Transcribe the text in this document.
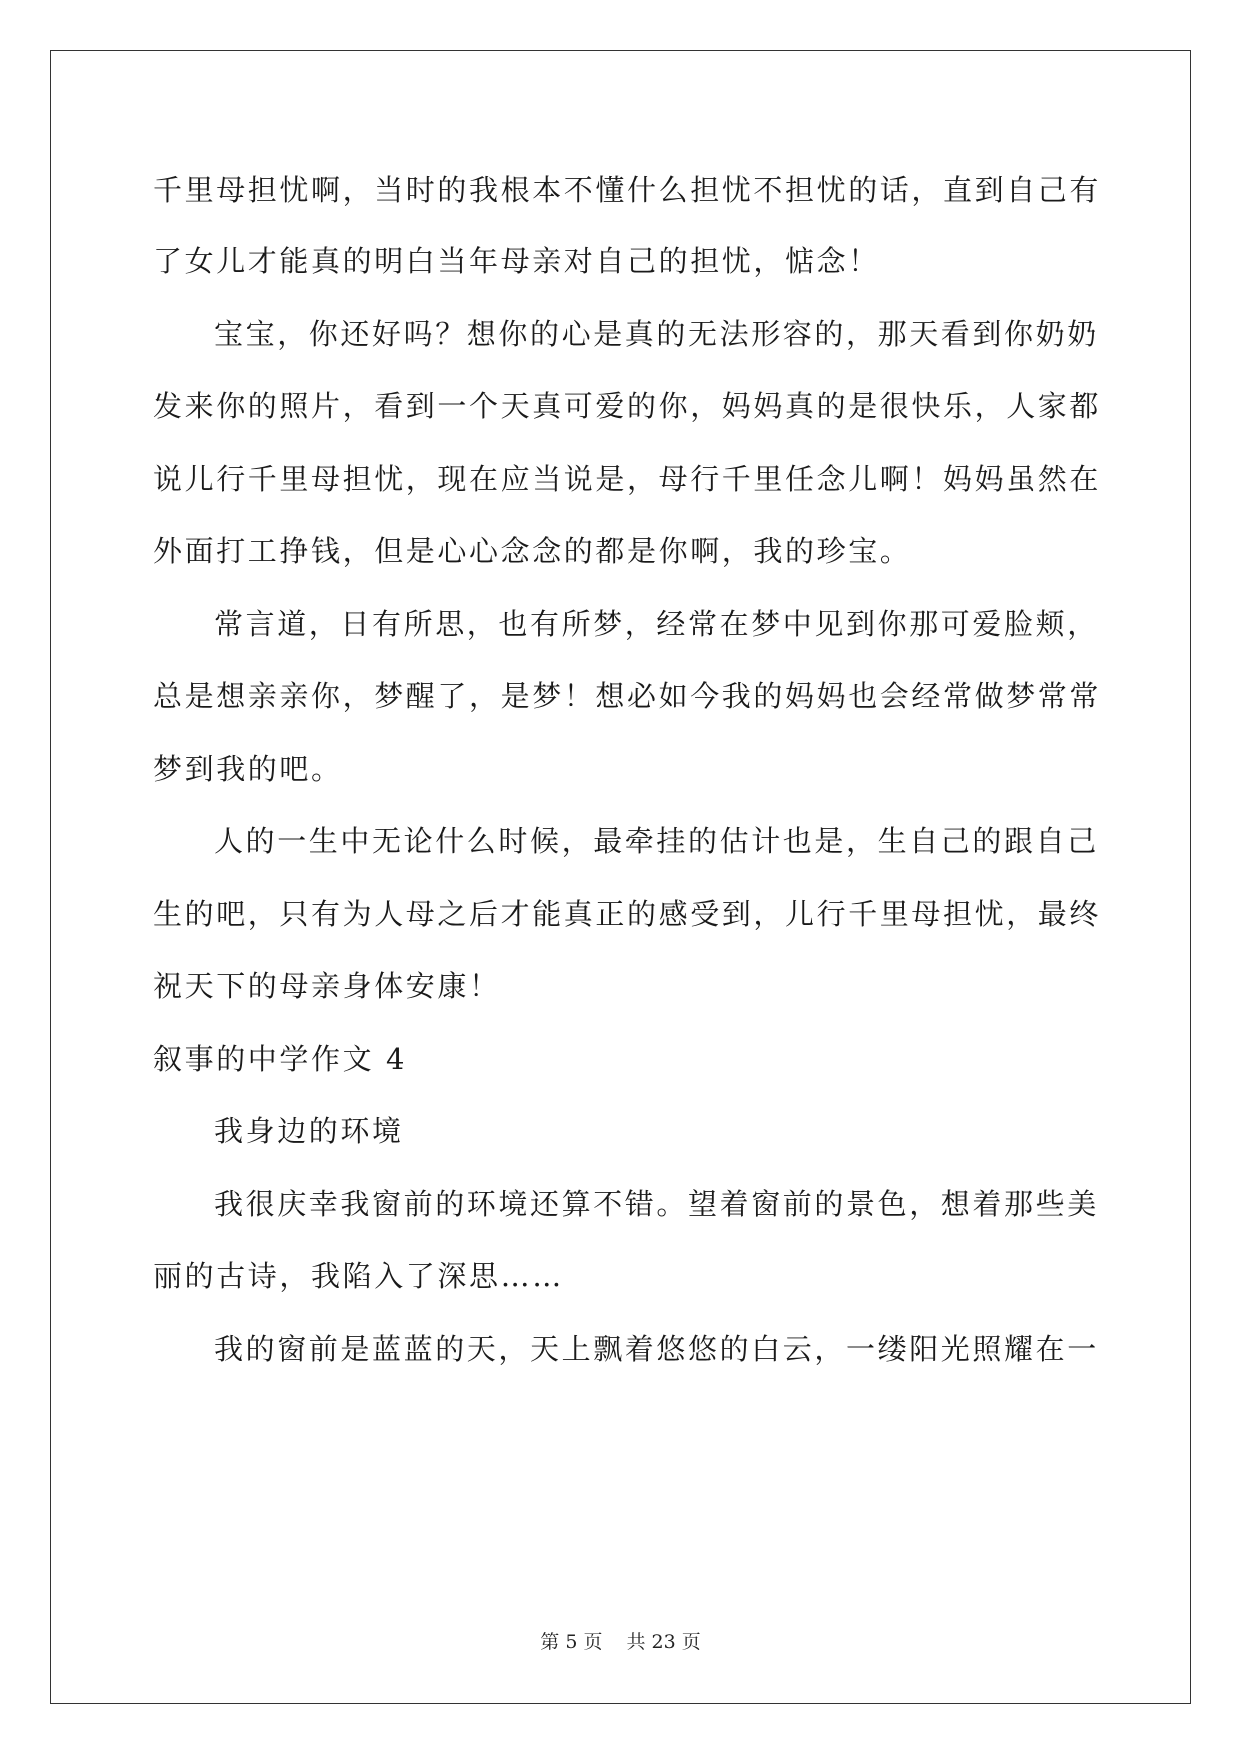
千里母担忧啊，当时的我根本不懂什么担忧不担忧的话，直到自己有
了女儿才能真的明白当年母亲对自己的担忧，惦念！
宝宝，你还好吗？想你的心是真的无法形容的，那天看到你奶奶
发来你的照片，看到一个天真可爱的你，妈妈真的是很快乐，人家都
说儿行千里母担忧，现在应当说是，母行千里任念儿啊！妈妈虽然在
外面打工挣钱，但是心心念念的都是你啊，我的珍宝。
常言道，日有所思，也有所梦，经常在梦中见到你那可爱脸颊，
总是想亲亲你，梦醒了，是梦！想必如今我的妈妈也会经常做梦常常
梦到我的吧。
人的一生中无论什么时候，最牵挂的估计也是，生自己的跟自己
生的吧，只有为人母之后才能真正的感受到，儿行千里母担忧，最终
祝天下的母亲身体安康！
叙事的中学作文 4
我身边的环境
我很庆幸我窗前的环境还算不错。望着窗前的景色，想着那些美
丽的古诗，我陷入了深思……
我的窗前是蓝蓝的天，天上飘着悠悠的白云，一缕阳光照耀在一
第 5 页 共 23 页
